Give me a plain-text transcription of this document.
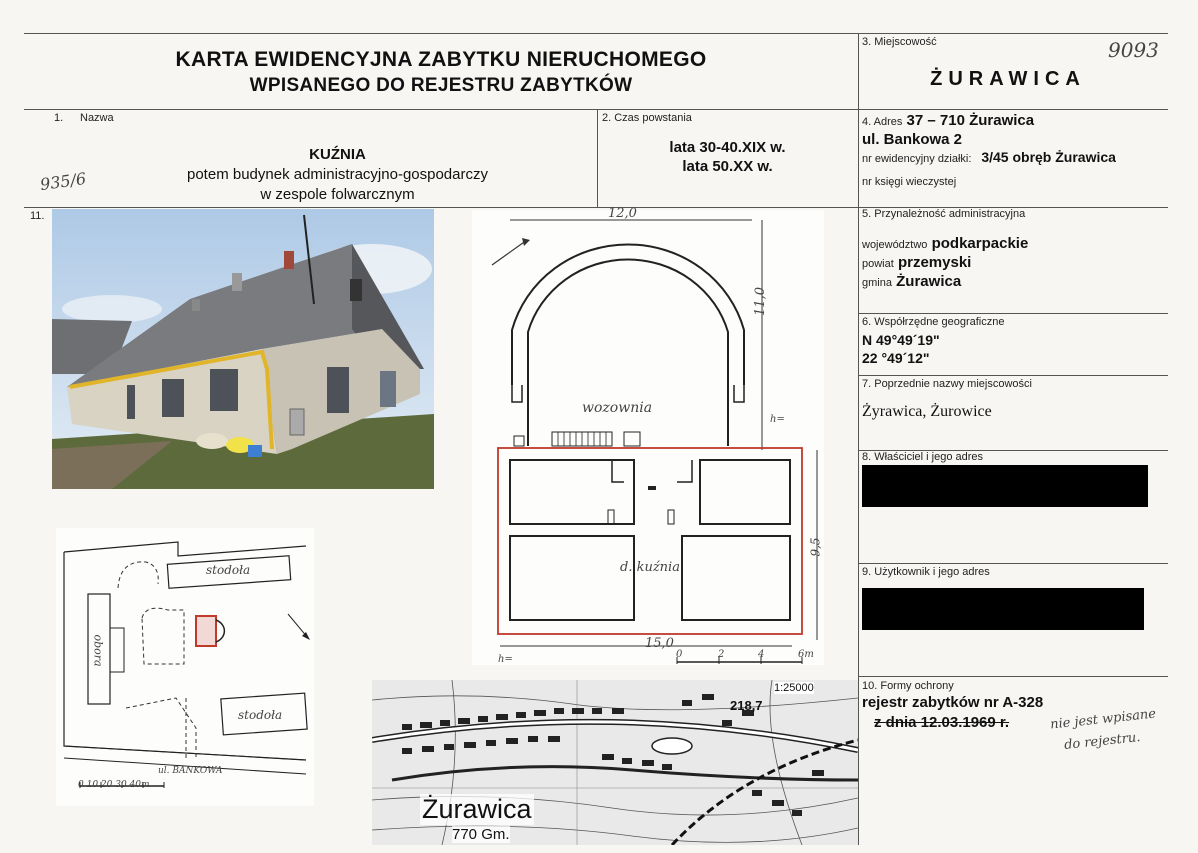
KARTA EWIDENCYJNA ZABYTKU NIERUCHOMEGO
WPISANEGO DO REJESTRU ZABYTKÓW
3. Miejscowość
ŻURAWICA
9093
1. Nazwa
KUŹNIA
potem budynek administracyjno-gospodarczy
w zespole folwarcznym
935/6
2. Czas powstania
lata 30-40.XIX w.
lata 50.XX w.
4. Adres 37 – 710 Żurawica
ul. Bankowa 2
nr ewidencyjny działki: 3/45 obręb Żurawica
nr księgi wieczystej
11.	12,0
11,0
9,5
15,0
wozownia
d. kuźnia
h=
h=	0	2	4	6m
stodoła
stodoła
obora
ul. BANKOWA
0 10 20 30 40m
Żurawica
770 Gm.
218,7
1:25000
5. Przynależność administracyjna
województwo podkarpackie
powiat przemyski
gmina Żurawica
6. Współrzędne geograficzne
N 49°49´19"
22 °49´12"
7. Poprzednie nazwy miejscowości
Żyrawica, Żurowice
8. Właściciel i jego adres
9. Użytkownik i jego adres
10. Formy ochrony
rejestr zabytków nr A-328
z dnia 12.03.1969 r.	nie jest wpisane
do rejestru.
